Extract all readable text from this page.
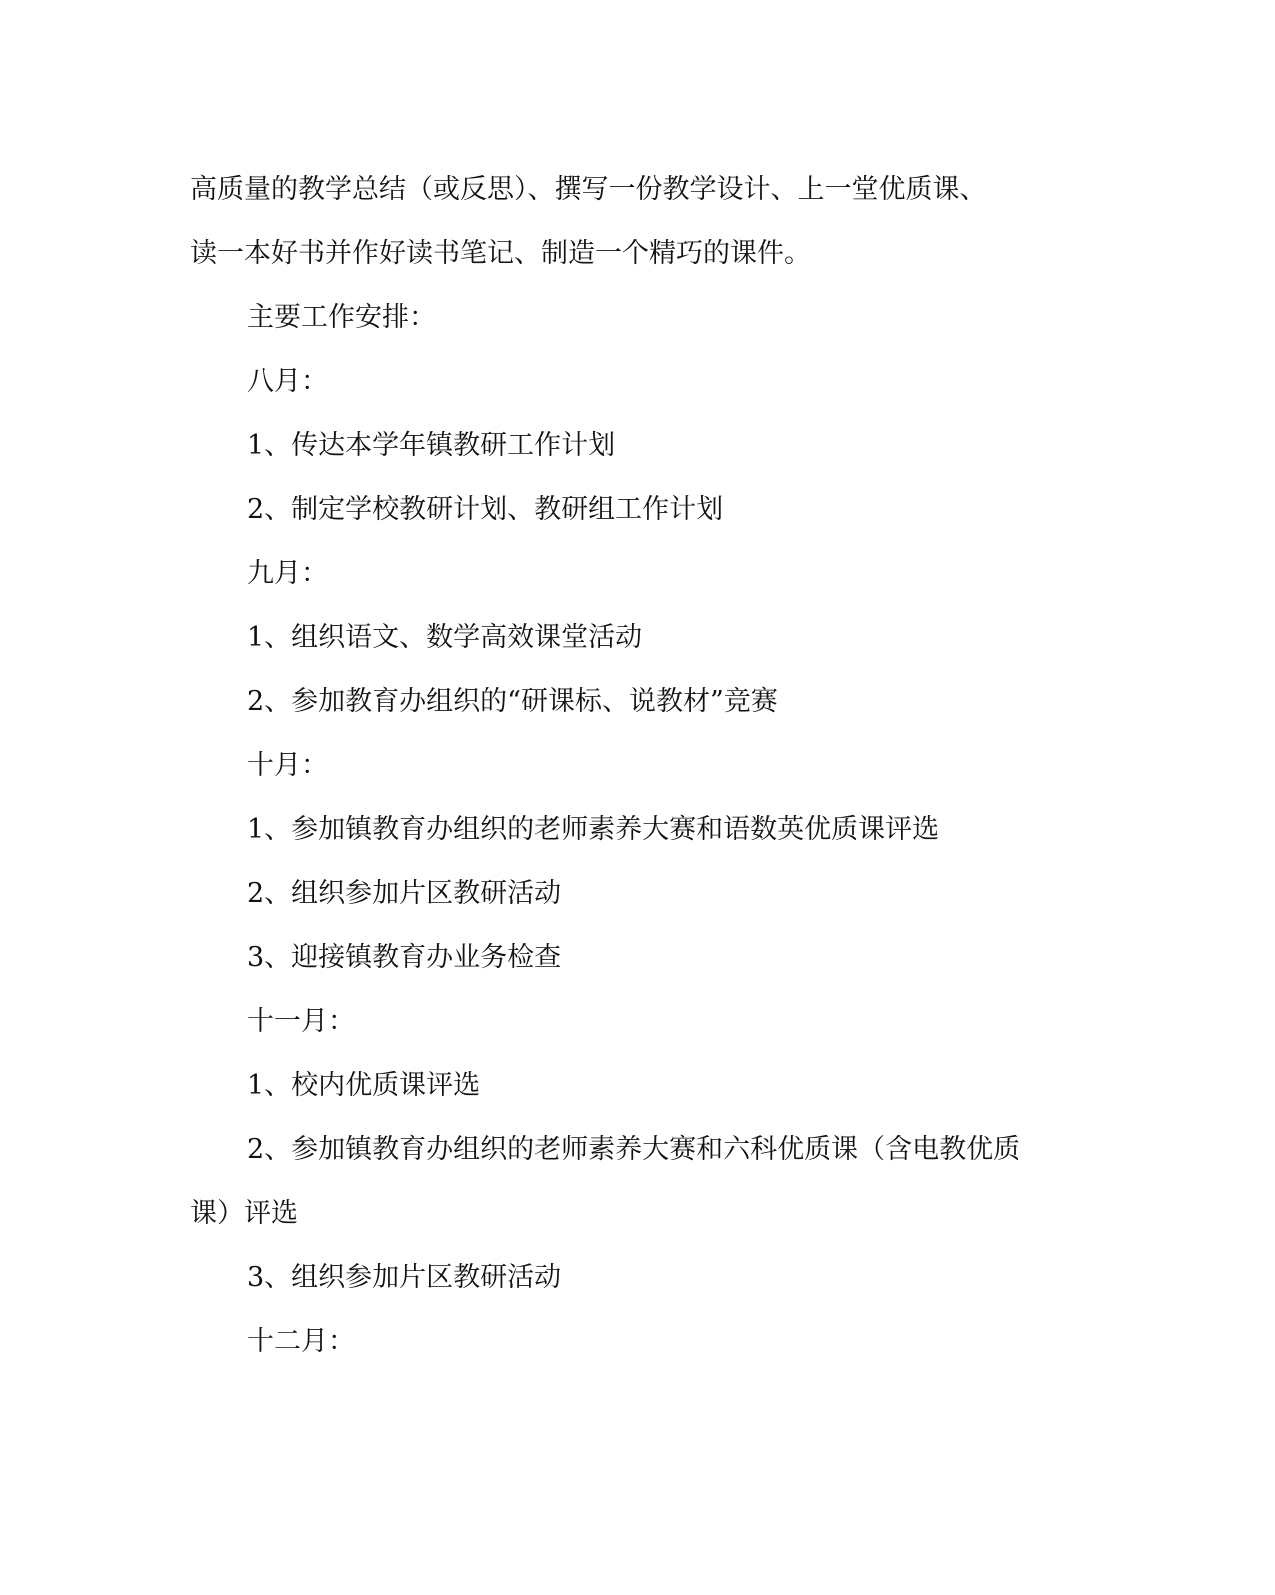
高质量的教学总结（或反思）、撰写一份教学设计、上一堂优质课、
读一本好书并作好读书笔记、制造一个精巧的课件。
主要工作安排：
八月：
1、传达本学年镇教研工作计划
2、制定学校教研计划、教研组工作计划
九月：
1、组织语文、数学高效课堂活动
2、参加教育办组织的“研课标、说教材”竞赛
十月：
1、参加镇教育办组织的老师素养大赛和语数英优质课评选
2、组织参加片区教研活动
3、迎接镇教育办业务检查
十一月：
1、校内优质课评选
2、参加镇教育办组织的老师素养大赛和六科优质课（含电教优质
课）评选
3、组织参加片区教研活动
十二月：
